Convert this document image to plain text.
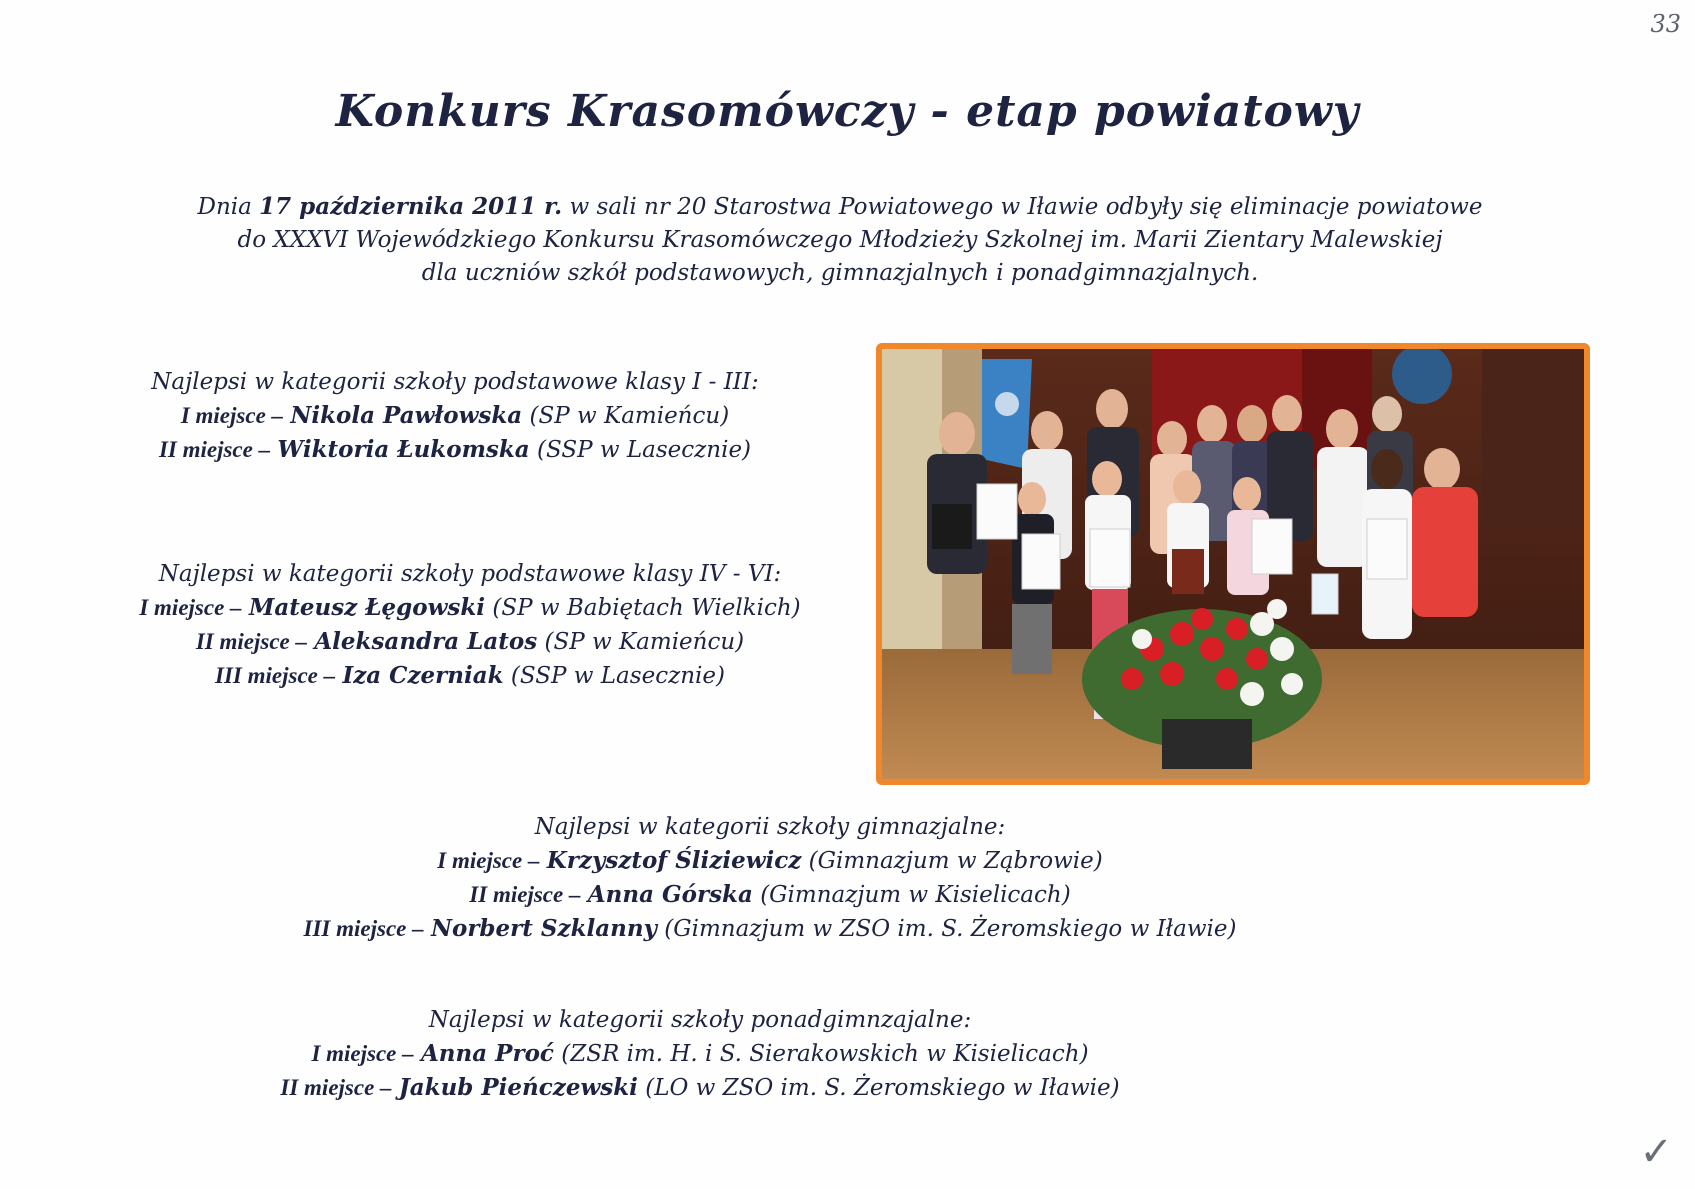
33
Konkurs Krasomówczy - etap powiatowy
Dnia 17 października 2011 r. w sali nr 20 Starostwa Powiatowego w Iławie odbyły się eliminacje powiatowe
do XXXVI Wojewódzkiego Konkursu Krasomówczego Młodzieży Szkolnej im. Marii Zientary Malewskiej
dla uczniów szkół podstawowych, gimnazjalnych i ponadgimnazjalnych.
Najlepsi w kategorii szkoły podstawowe klasy I - III:
I miejsce – Nikola Pawłowska (SP w Kamieńcu)
II miejsce – Wiktoria Łukomska (SSP w Lasecznie)
Najlepsi w kategorii szkoły podstawowe klasy IV - VI:
I miejsce – Mateusz Łęgowski (SP w Babiętach Wielkich)
II miejsce – Aleksandra Latos (SP w Kamieńcu)
III miejsce – Iza Czerniak (SSP w Lasecznie)
Najlepsi w kategorii szkoły gimnazjalne:
I miejsce – Krzysztof Śliziewicz (Gimnazjum w Ząbrowie)
II miejsce – Anna Górska (Gimnazjum w Kisielicach)
III miejsce – Norbert Szklanny (Gimnazjum w ZSO im. S. Żeromskiego w Iławie)
Najlepsi w kategorii szkoły ponadgimnzajalne:
I miejsce – Anna Proć (ZSR im. H. i S. Sierakowskich w Kisielicach)
II miejsce – Jakub Pieńczewski (LO w ZSO im. S. Żeromskiego w Iławie)
✓
